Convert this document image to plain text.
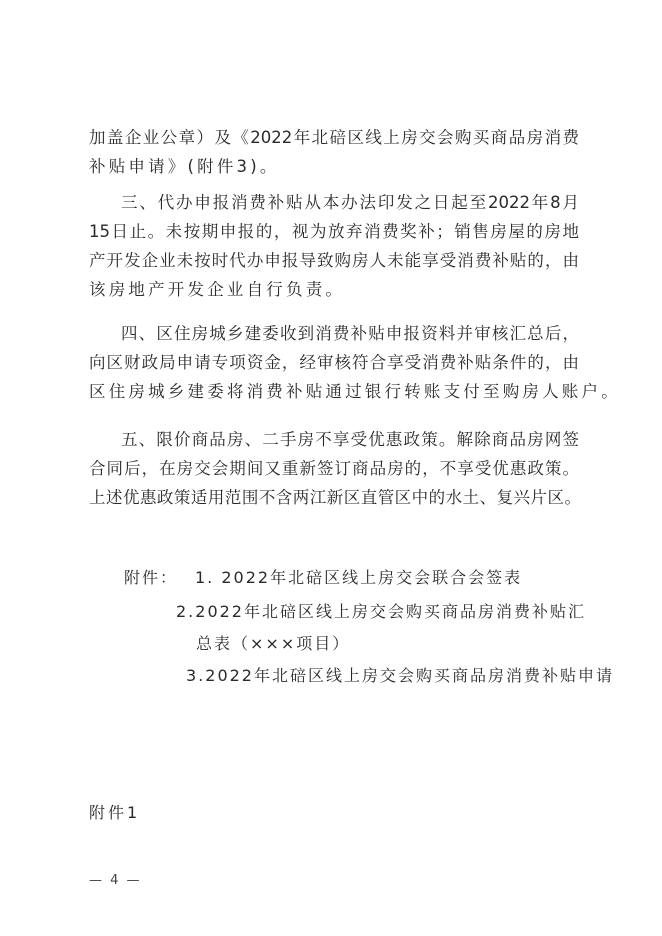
加盖企业公章）及《2022年北碚区线上房交会购买商品房消费
补贴申请》(附件3)。
三、代办申报消费补贴从本办法印发之日起至2022年8月
15日止。未按期申报的，视为放弃消费奖补；销售房屋的房地
产开发企业未按时代办申报导致购房人未能享受消费补贴的，由
该房地产开发企业自行负责。
四、区住房城乡建委收到消费补贴申报资料并审核汇总后，
向区财政局申请专项资金，经审核符合享受消费补贴条件的，由
区住房城乡建委将消费补贴通过银行转账支付至购房人账户。
五、限价商品房、二手房不享受优惠政策。解除商品房网签
合同后，在房交会期间又重新签订商品房的，不享受优惠政策。
上述优惠政策适用范围不含两江新区直管区中的水土、复兴片区。
附件：	1. 2022年北碚区线上房交会联合会签表
2.2022年北碚区线上房交会购买商品房消费补贴汇
总表（×××项目）
3.2022年北碚区线上房交会购买商品房消费补贴申请
附件1
— 4 —
